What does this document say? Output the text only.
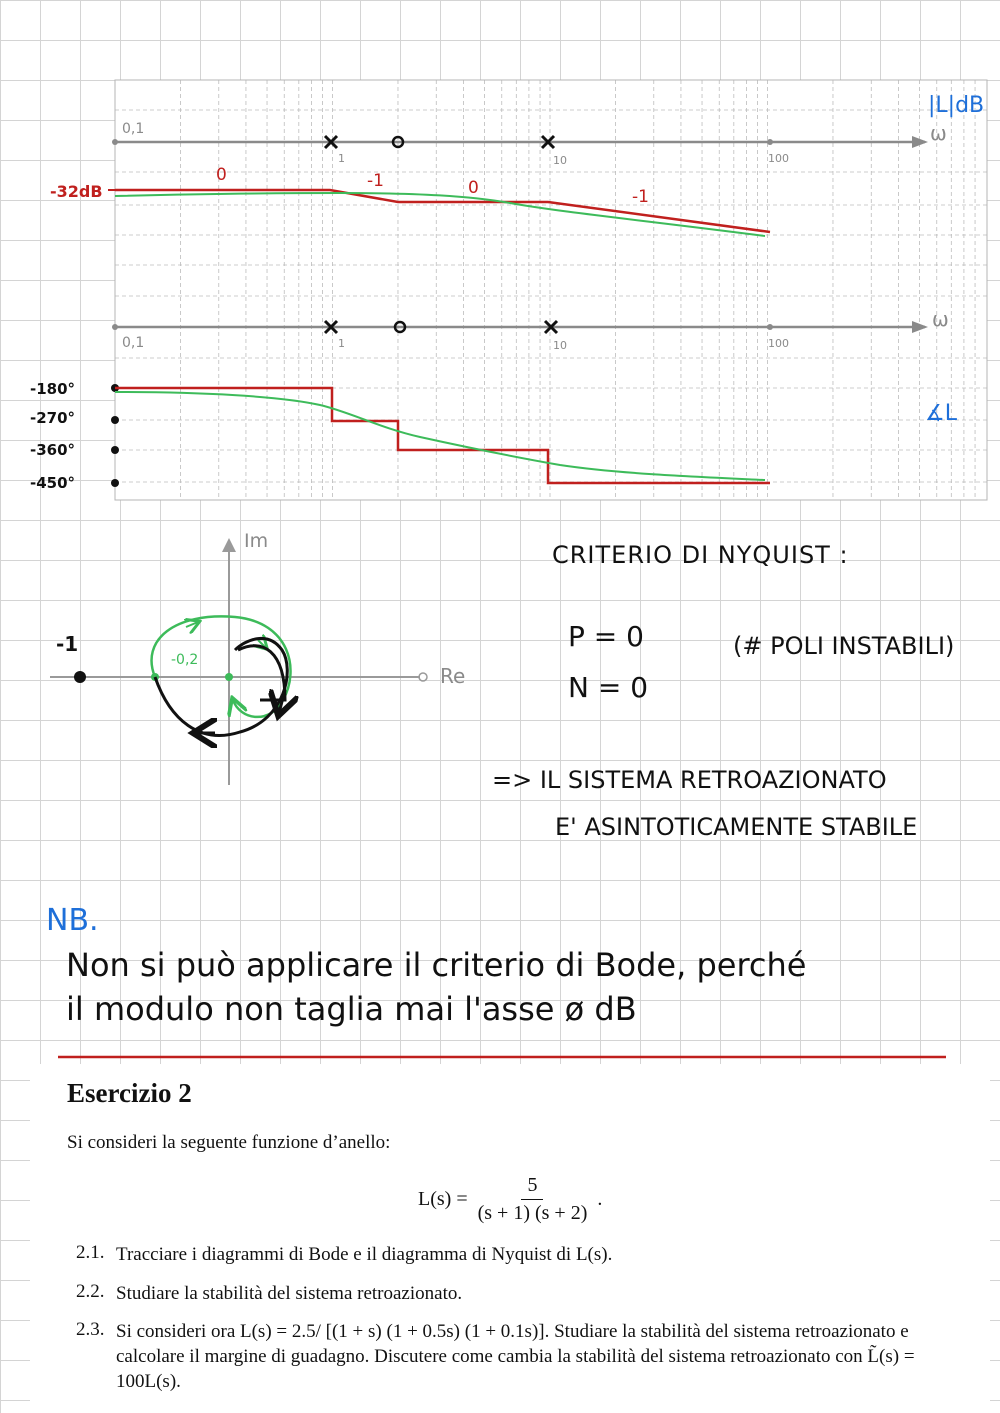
ω
|L|dB
0,1
1	10	100
-32dB
0	-1	0	-1
ω
0,1	1	10	100
∡L
-180°
-270°
-360°
-450°
Im
Re
-1
-0,2
CRITERIO DI NYQUIST :
P = 0	(# POLI INSTABILI)
N = 0
=> IL SISTEMA RETROAZIONATO
E' ASINTOTICAMENTE STABILE
NB.
Non si può applicare il criterio di Bode, perché
il modulo non taglia mai l'asse ø dB
Esercizio 2
Si consideri la seguente funzione d’anello:
$L(s) = \frac{5}{(s + 1) (s + 2)}$ .
2.1. Tracciare i diagrammi di Bode e il diagramma di Nyquist di L(s).
2.2. Studiare la stabilità del sistema retroazionato.
2.3. Si consideri ora L(s) = 2.5/ [(1 + s) (1 + 0.5s) (1 + 0.1s)]. Studiare la stabilità del sistema retroazionato e calcolare il margine di guadagno. Discutere come cambia la stabilità del sistema retroazionato con L̃(s) = 100L(s).
